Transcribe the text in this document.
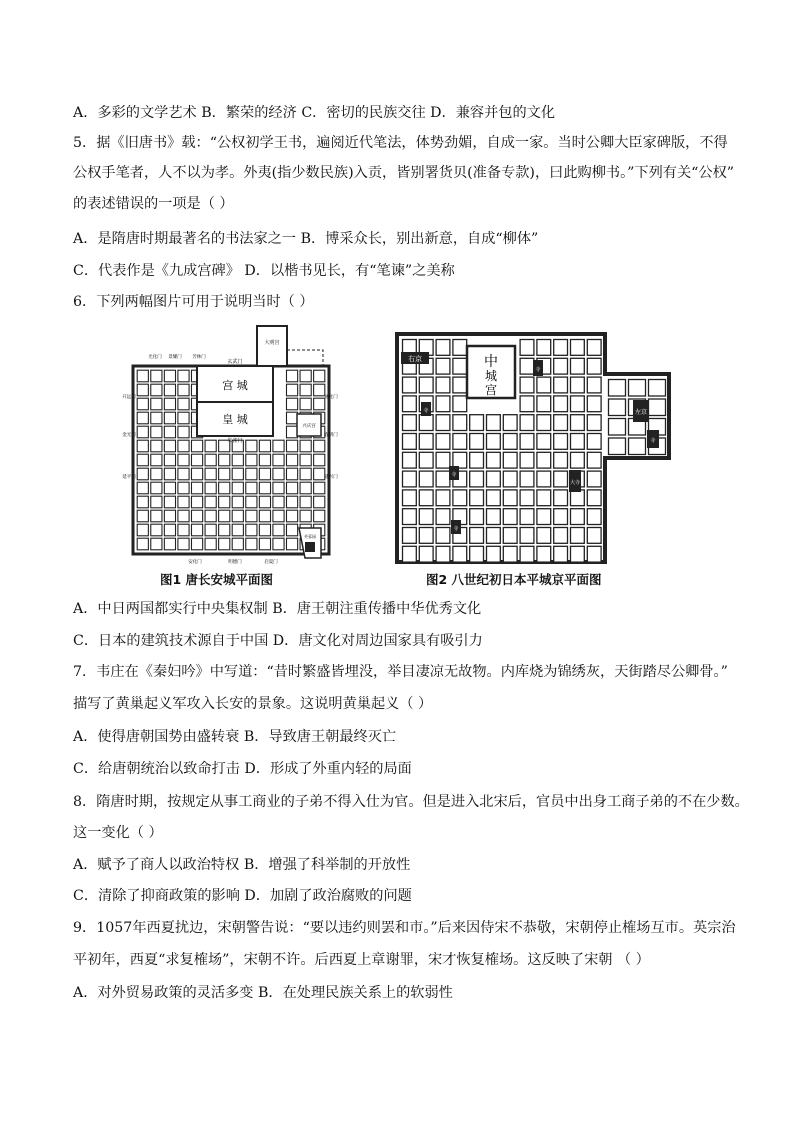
A．多彩的文学艺术 B．繁荣的经济 C．密切的民族交往 D．兼容并包的文化
5．据《旧唐书》载：“公权初学王书，遍阅近代笔法，体势劲媚，自成一家。当时公卿大臣家碑版，不得
公权手笔者，人不以为孝。外夷(指少数民族)入贡，皆别署货贝(准备专款)，曰此购柳书。”下列有关“公权”
的表述错误的一项是（ ）
A．是隋唐时期最著名的书法家之一 B．博采众长，别出新意，自成“柳体”
C．代表作是《九成宫碑》 D．以楷书见长，有“笔谏”之美称
6．下列两幅图片可用于说明当时（ ）
宫 城
皇 城
大明宫
玄武门
朱雀门
兴庆宫
芙蓉园
光化门 景耀门 芳林门
开远门
金光门
延平门
通化门
春明门
延兴门
安化门	明德门	启夏门
图1 唐长安城平面图
中
城
宫
右京
左京
寺
寺
寺
寺
寺
大寺
图2 八世纪初日本平城京平面图
A．中日两国都实行中央集权制 B．唐王朝注重传播中华优秀文化
C．日本的建筑技术源自于中国 D．唐文化对周边国家具有吸引力
7．韦庄在《秦妇吟》中写道：“昔时繁盛皆埋没，举目凄凉无故物。内库烧为锦绣灰，天街踏尽公卿骨。”
描写了黄巢起义军攻入长安的景象。这说明黄巢起义（ ）
A．使得唐朝国势由盛转衰 B．导致唐王朝最终灭亡
C．给唐朝统治以致命打击 D．形成了外重内轻的局面
8．隋唐时期，按规定从事工商业的子弟不得入仕为官。但是进入北宋后，官员中出身工商子弟的不在少数。
这一变化（ ）
A．赋予了商人以政治特权 B．增强了科举制的开放性
C．清除了抑商政策的影响 D．加剧了政治腐败的问题
9．1057年西夏扰边，宋朝警告说：“要以违约则罢和市。”后来因侍宋不恭敬，宋朝停止榷场互市。英宗治
平初年，西夏“求复榷场”，宋朝不许。后西夏上章谢罪，宋才恢复榷场。这反映了宋朝 （ ）
A．对外贸易政策的灵活多变 B．在处理民族关系上的软弱性
